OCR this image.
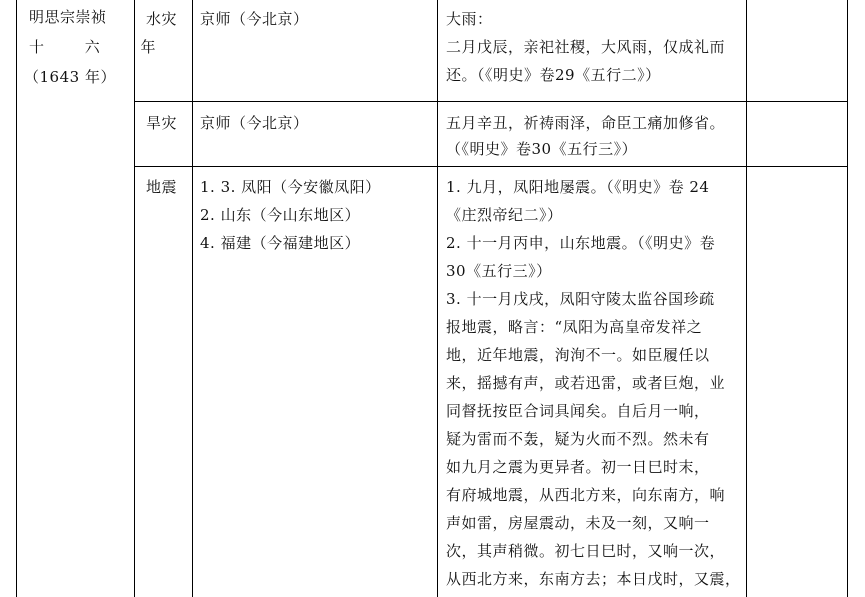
明思宗崇祯
十 六 年
（1643 年）
水灾 京师（今北京）	大雨：
二月戊辰，亲祀社稷，大风雨，仅成礼而
还。（《明史》卷29《五行二》）
旱灾 京师（今北京）	五月辛丑，祈祷雨泽，命臣工痛加修省。
（《明史》卷30《五行三》）
地震 1. 3. 凤阳（今安徽凤阳）
2. 山东（今山东地区）
4. 福建（今福建地区）
1. 九月，凤阳地屡震。（《明史》卷 24
《庄烈帝纪二》）
2. 十一月丙申，山东地震。（《明史》卷
30《五行三》）
3. 十一月戊戌，凤阳守陵太监谷国珍疏
报地震，略言：“凤阳为高皇帝发祥之
地，近年地震，洵洵不一。如臣履任以
来，摇撼有声，或若迅雷，或者巨炮，业
同督抚按臣合词具闻矣。自后月一响，
疑为雷而不轰，疑为火而不烈。然未有
如九月之震为更异者。初一日巳时末，
有府城地震，从西北方来，向东南方，响
声如雷，房屋震动，未及一刻，又响一
次，其声稍微。初七日巳时，又响一次，
从西北方来，东南方去；本日戊时，又震，
